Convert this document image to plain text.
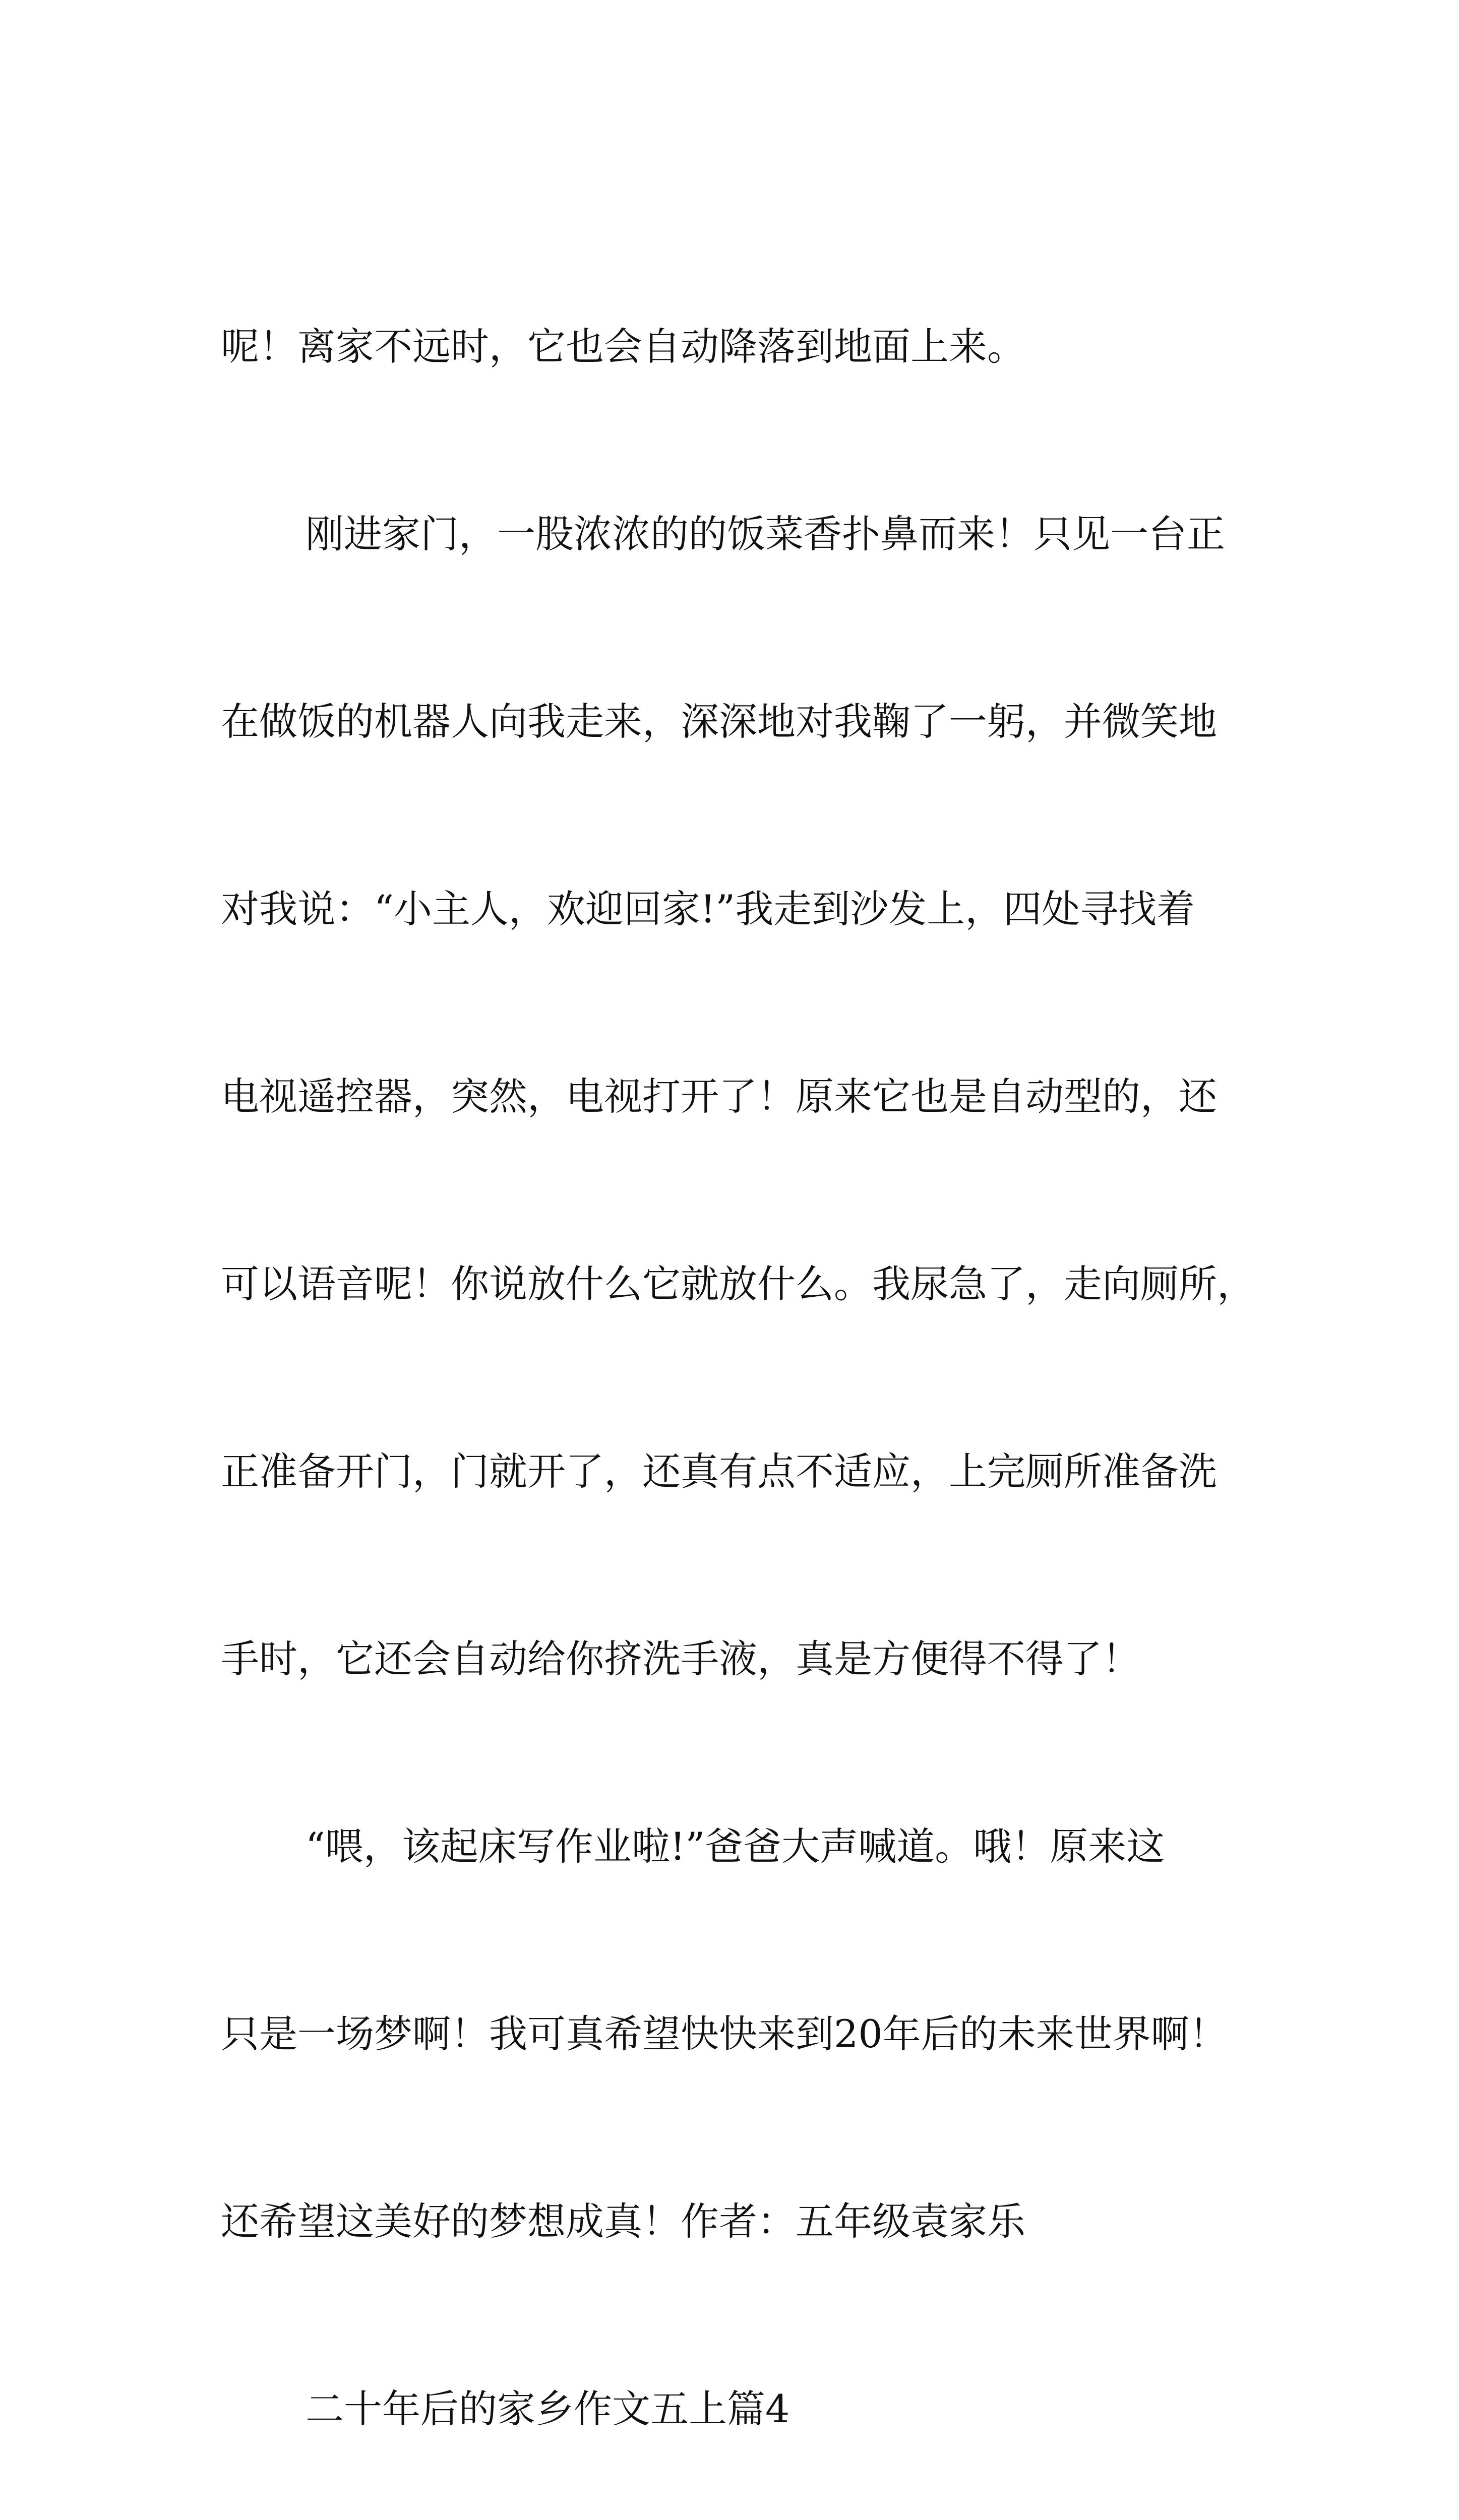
呢！离家不远时，它也会自动降落到地面上来。

刚进家门，一股浓浓的的饭菜香扑鼻而来！只见一台正

在做饭的机器人向我走来，深深地对我鞠了一躬，并微笑地

对我说：“小主人，欢迎回家!”我走到沙发上，四处寻找着

电视遥控器，突然，电视打开了！原来它也是自动型的，还

可以语音呢！你说放什么它就放什么。我尿急了，走向厕所，

正准备开门，门就开了，还真有点不适应，上完厕所准备洗

手时，它还会自动给你挤洗手液，真是方便得不得了！

“喂，该起床写作业啦!”爸爸大声喊道。哦！原来这

只是一场梦啊！我可真希望快快来到20年后的未来世界啊！

还希望这美好的梦想成真！作者：五年级袁家乐

二十年后的家乡作文五上篇4
